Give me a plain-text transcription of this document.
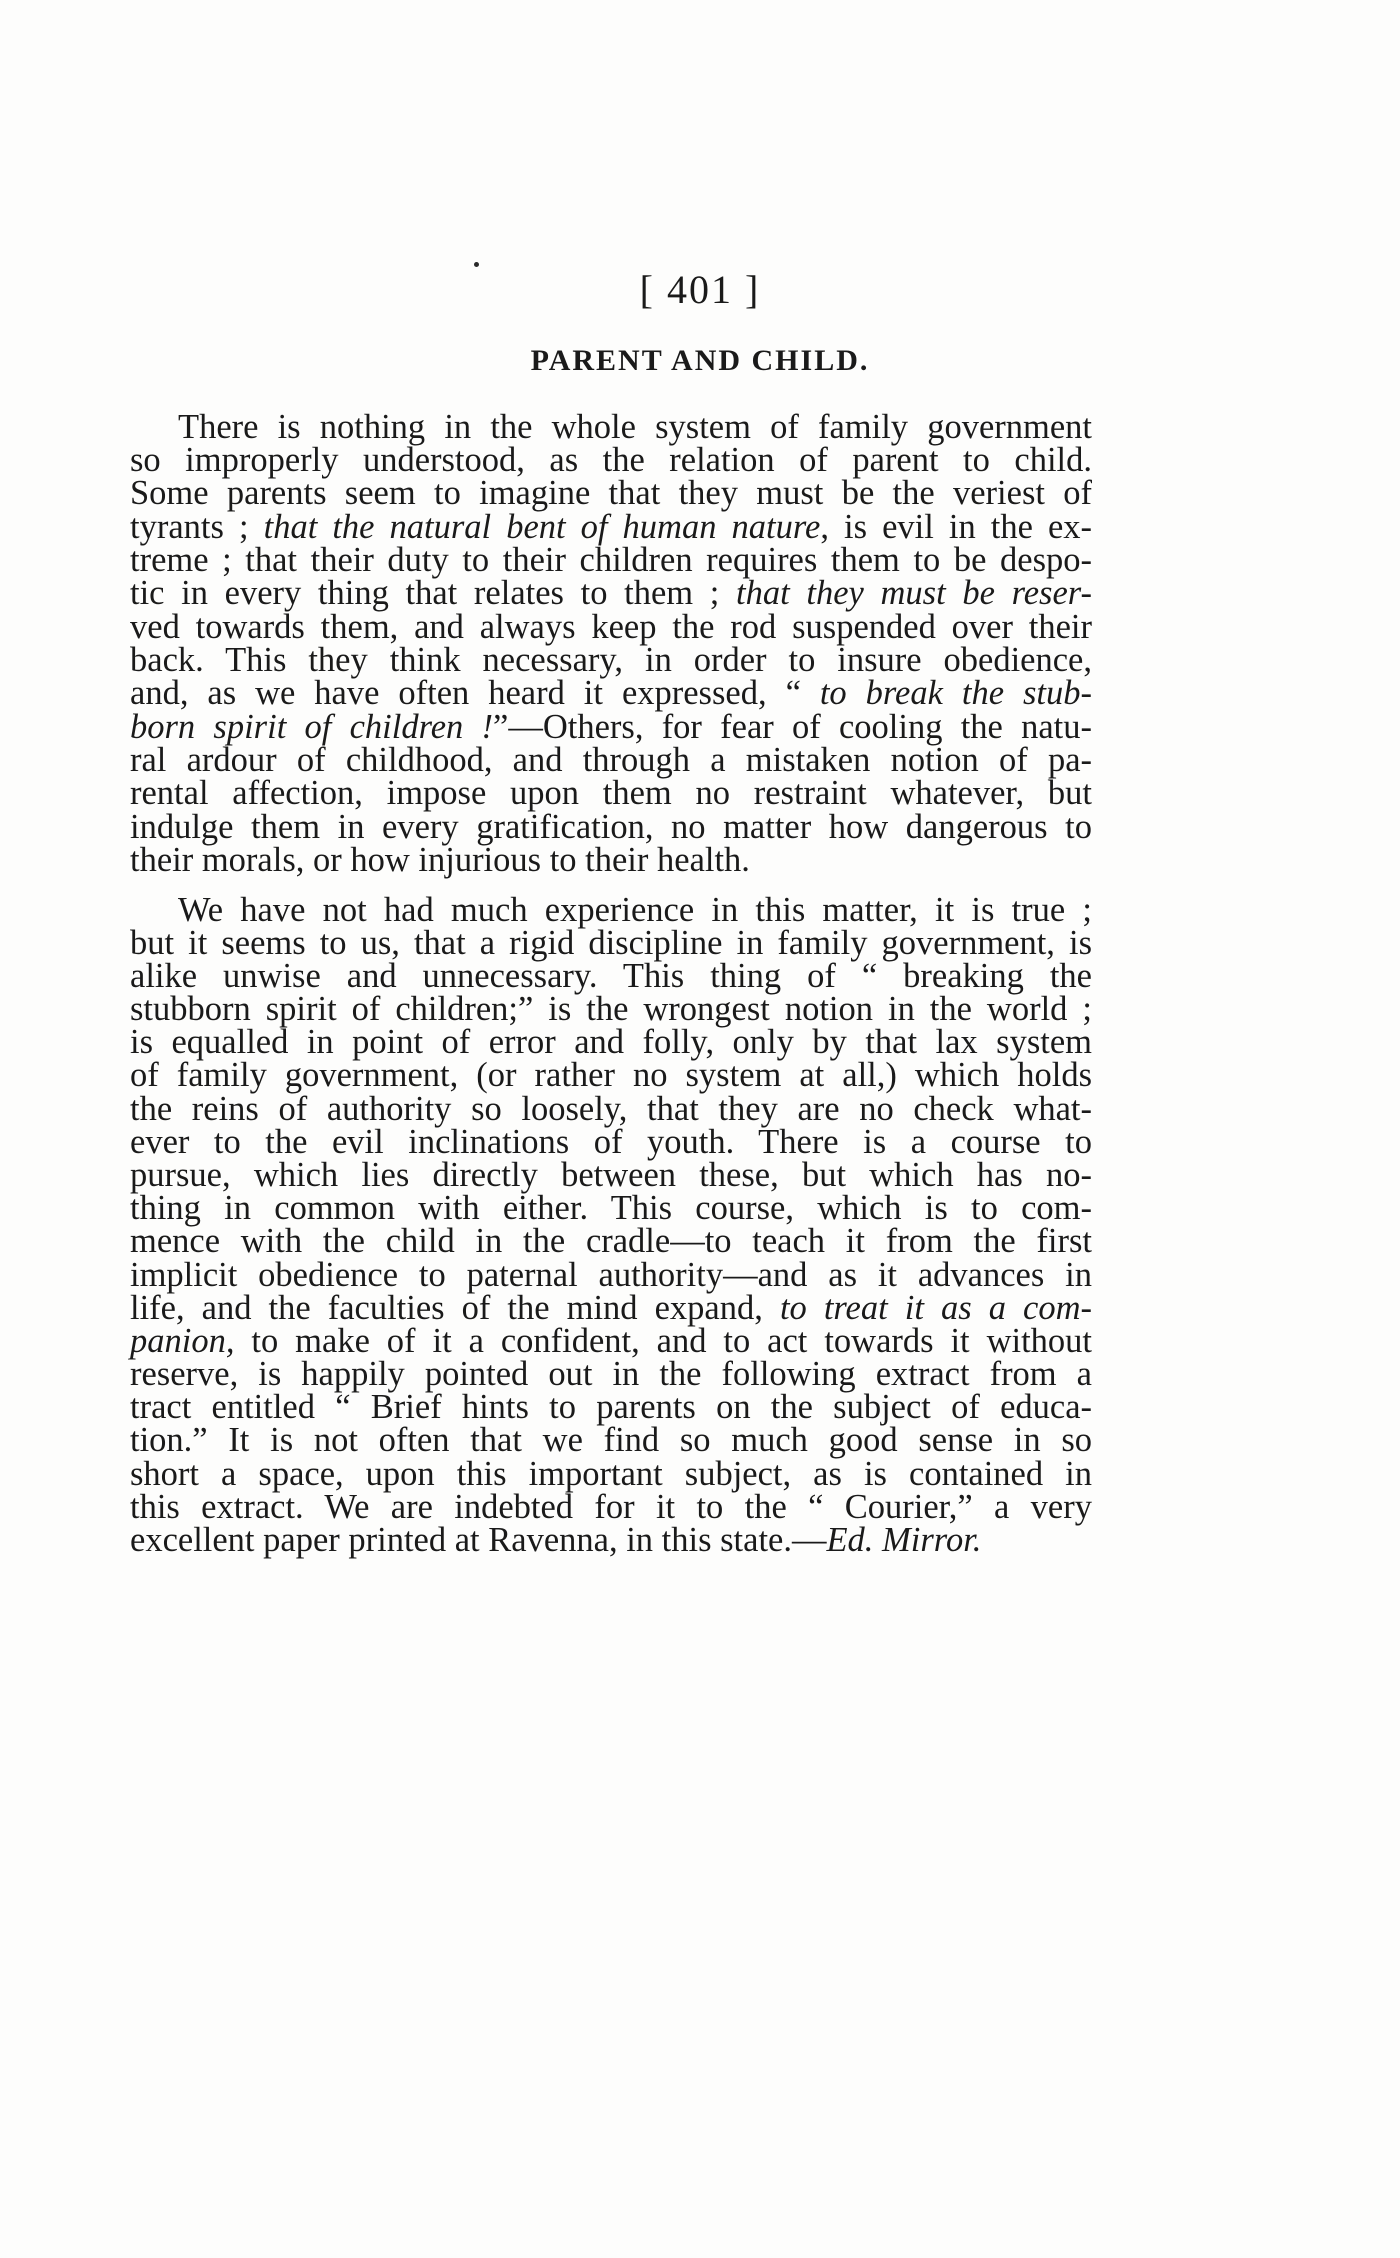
[ 401 ]
PARENT AND CHILD.
There is nothing in the whole system of family government
so improperly understood, as the relation of parent to child.
Some parents seem to imagine that they must be the veriest of
tyrants ; that the natural bent of human nature, is evil in the ex-
treme ; that their duty to their children requires them to be despo-
tic in every thing that relates to them ; that they must be reser-
ved towards them, and always keep the rod suspended over their
back. This they think necessary, in order to insure obedience,
and, as we have often heard it expressed, “ to break the stub-
born spirit of children !”—Others, for fear of cooling the natu-
ral ardour of childhood, and through a mistaken notion of pa-
rental affection, impose upon them no restraint whatever, but
indulge them in every gratification, no matter how dangerous to
their morals, or how injurious to their health.
We have not had much experience in this matter, it is true ;
but it seems to us, that a rigid discipline in family government, is
alike unwise and unnecessary. This thing of “ breaking the
stubborn spirit of children;” is the wrongest notion in the world ;
is equalled in point of error and folly, only by that lax system
of family government, (or rather no system at all,) which holds
the reins of authority so loosely, that they are no check what-
ever to the evil inclinations of youth. There is a course to
pursue, which lies directly between these, but which has no-
thing in common with either. This course, which is to com-
mence with the child in the cradle—to teach it from the first
implicit obedience to paternal authority—and as it advances in
life, and the faculties of the mind expand, to treat it as a com-
panion, to make of it a confident, and to act towards it without
reserve, is happily pointed out in the following extract from a
tract entitled “ Brief hints to parents on the subject of educa-
tion.” It is not often that we find so much good sense in so
short a space, upon this important subject, as is contained in
this extract. We are indebted for it to the “ Courier,” a very
excellent paper printed at Ravenna, in this state.—Ed. Mirror.
